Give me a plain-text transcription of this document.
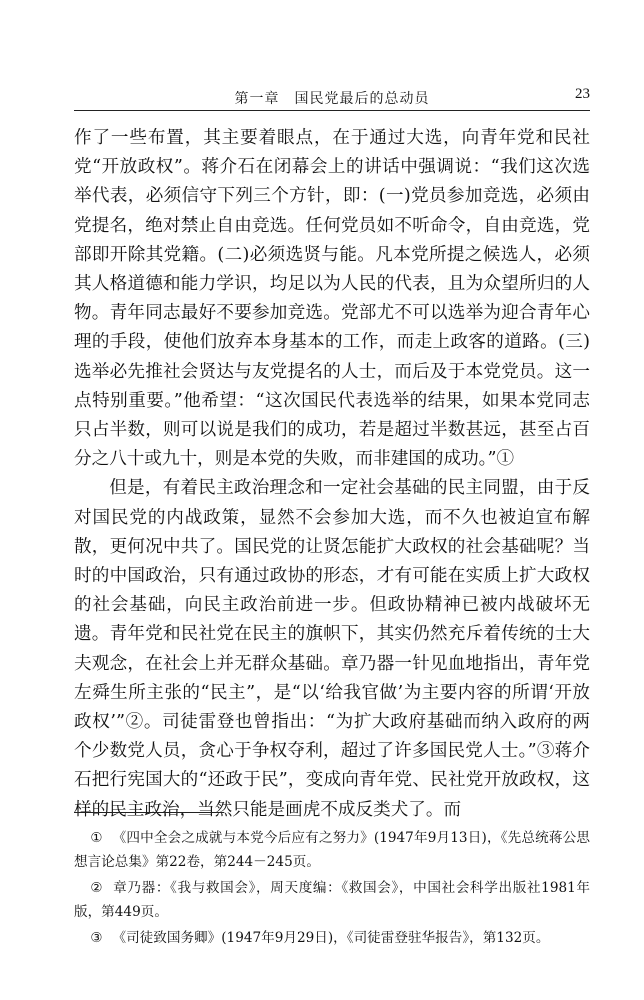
第一章　国民党最后的总动员	23

作了一些布置，其主要着眼点，在于通过大选，向青年党和民社党“开放政权”。蒋介石在闭幕会上的讲话中强调说：“我们这次选举代表，必须信守下列三个方针，即：(一)党员参加竞选，必须由党提名，绝对禁止自由竞选。任何党员如不听命令，自由竞选，党部即开除其党籍。(二)必须选贤与能。凡本党所提之候选人，必须其人格道德和能力学识，均足以为人民的代表，且为众望所归的人物。青年同志最好不要参加竞选。党部尤不可以选举为迎合青年心理的手段，使他们放弃本身基本的工作，而走上政客的道路。(三)选举必先推社会贤达与友党提名的人士，而后及于本党党员。这一点特别重要。”他希望：“这次国民代表选举的结果，如果本党同志只占半数，则可以说是我们的成功，若是超过半数甚远，甚至占百分之八十或九十，则是本党的失败，而非建国的成功。”①

但是，有着民主政治理念和一定社会基础的民主同盟，由于反对国民党的内战政策，显然不会参加大选，而不久也被迫宣布解散，更何况中共了。国民党的让贤怎能扩大政权的社会基础呢？当时的中国政治，只有通过政协的形态，才有可能在实质上扩大政权的社会基础，向民主政治前进一步。但政协精神已被内战破坏无遗。青年党和民社党在民主的旗帜下，其实仍然充斥着传统的士大夫观念，在社会上并无群众基础。章乃器一针见血地指出，青年党左舜生所主张的“民主”，是“以‘给我官做’为主要内容的所谓‘开放政权’”②。司徒雷登也曾指出：“为扩大政府基础而纳入政府的两个少数党人员，贪心于争权夺利，超过了许多国民党人士。”③蒋介石把行宪国大的“还政于民”，变成向青年党、民社党开放政权，这样的民主政治，当然只能是画虎不成反类犬了。而

① 《四中全会之成就与本党今后应有之努力》(1947年9月13日)，《先总统蒋公思想言论总集》第22卷，第244－245页。

② 章乃器：《我与救国会》，周天度编：《救国会》，中国社会科学出版社1981年版，第449页。

③ 《司徒致国务卿》(1947年9月29日)，《司徒雷登驻华报告》，第132页。
